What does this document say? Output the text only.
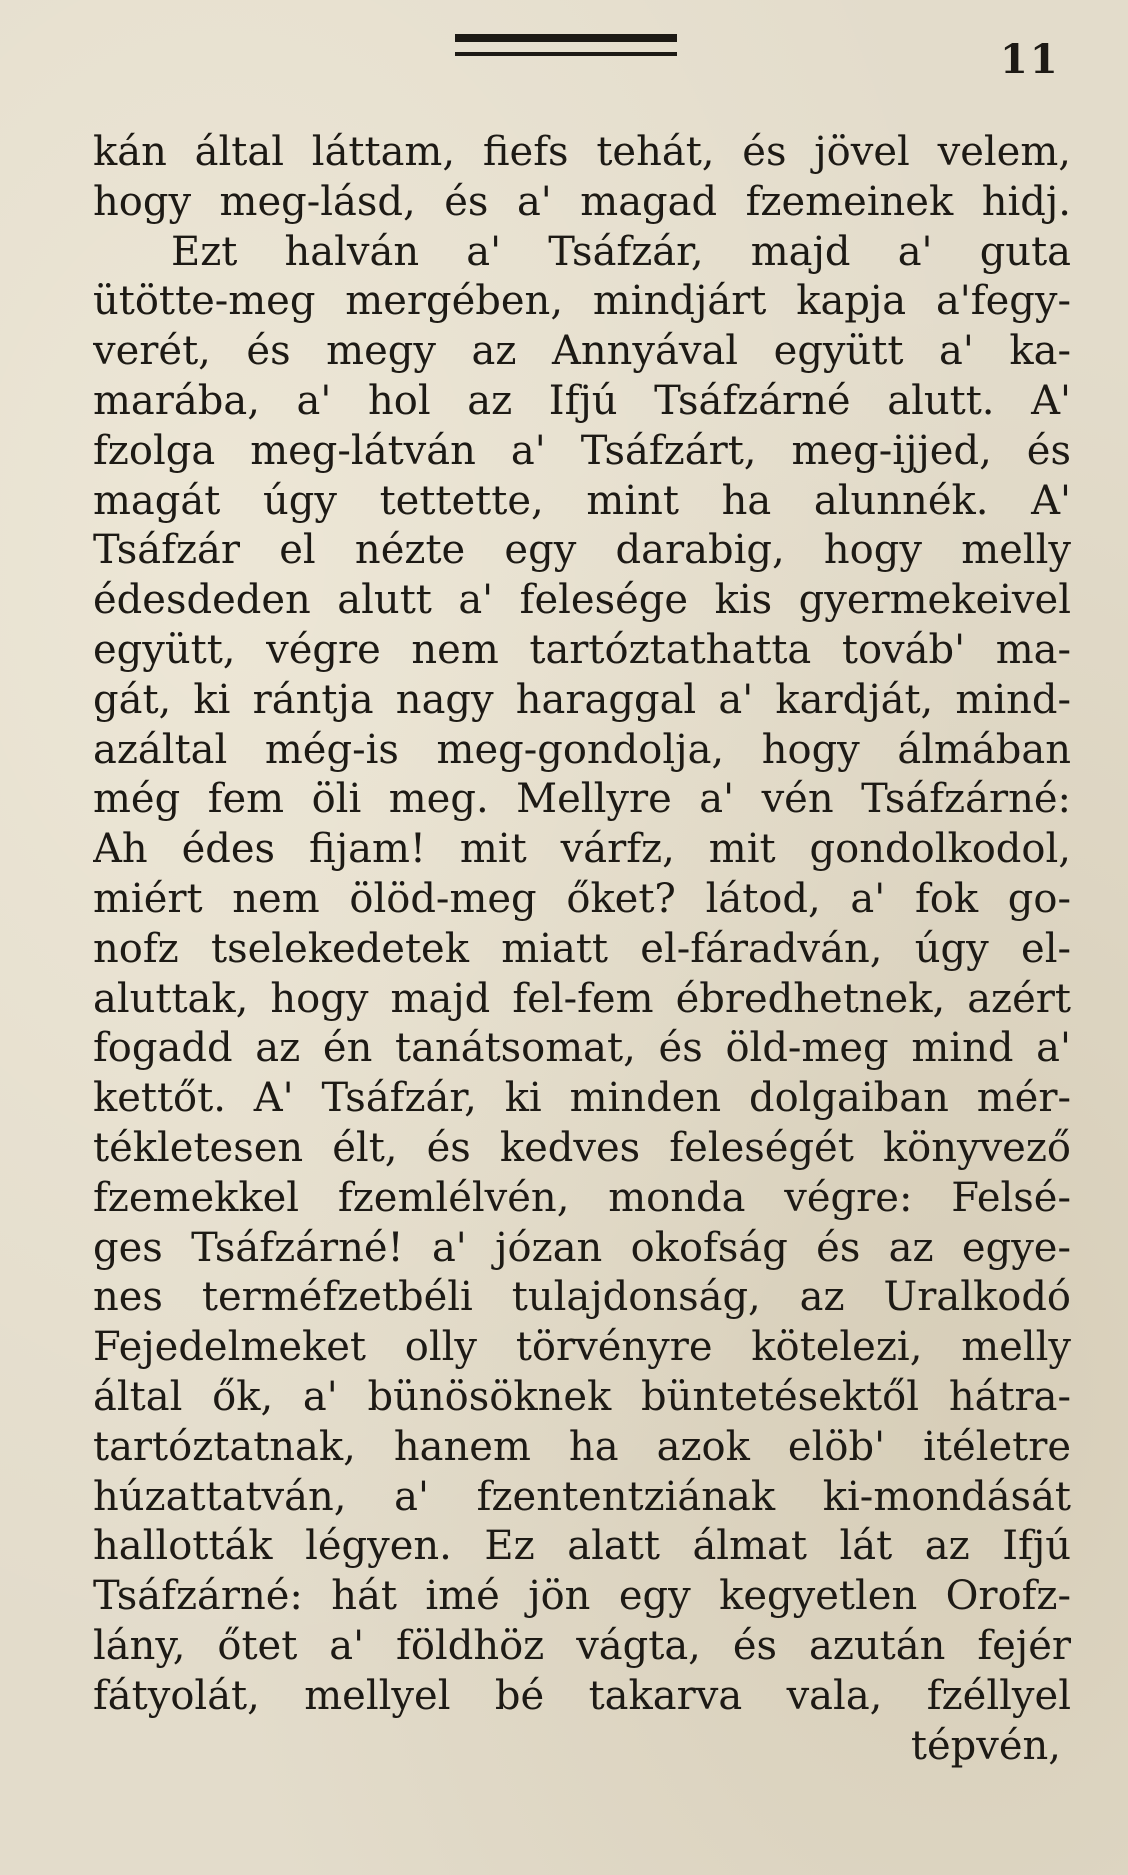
11
kán által láttam, fiefs tehát, és jövel velem,
hogy meg-lásd, és a' magad fzemeinek hidj.
Ezt halván a' Tsáfzár, majd a' guta
ütötte-meg mergében, mindjárt kapja a'fegy-
verét, és megy az Annyával együtt a' ka-
marába, a' hol az Ifjú Tsáfzárné alutt. A'
fzolga meg-látván a' Tsáfzárt, meg-ijjed, és
magát úgy tettette, mint ha alunnék. A'
Tsáfzár el nézte egy darabig, hogy melly
édesdeden alutt a' felesége kis gyermekeivel
együtt, végre nem tartóztathatta továb' ma-
gát, ki rántja nagy haraggal a' kardját, mind-
azáltal még-is meg-gondolja, hogy álmában
még fem öli meg. Mellyre a' vén Tsáfzárné:
Ah édes fijam! mit várfz, mit gondolkodol,
miért nem ölöd-meg őket? látod, a' fok go-
nofz tselekedetek miatt el-fáradván, úgy el-
aluttak, hogy majd fel-fem ébredhetnek, azért
fogadd az én tanátsomat, és öld-meg mind a'
kettőt. A' Tsáfzár, ki minden dolgaiban mér-
tékletesen élt, és kedves feleségét könyvező
fzemekkel fzemlélvén, monda végre: Felsé-
ges Tsáfzárné! a' józan okofság és az egye-
nes terméfzetbéli tulajdonság, az Uralkodó
Fejedelmeket olly törvényre kötelezi, melly
által ők, a' bünösöknek büntetésektől hátra-
tartóztatnak, hanem ha azok elöb' itéletre
húzattatván, a' fzententziának ki-mondását
hallották légyen. Ez alatt álmat lát az Ifjú
Tsáfzárné: hát imé jön egy kegyetlen Orofz-
lány, őtet a' földhöz vágta, és azután fejér
fátyolát, mellyel bé takarva vala, fzéllyel
tépvén,
